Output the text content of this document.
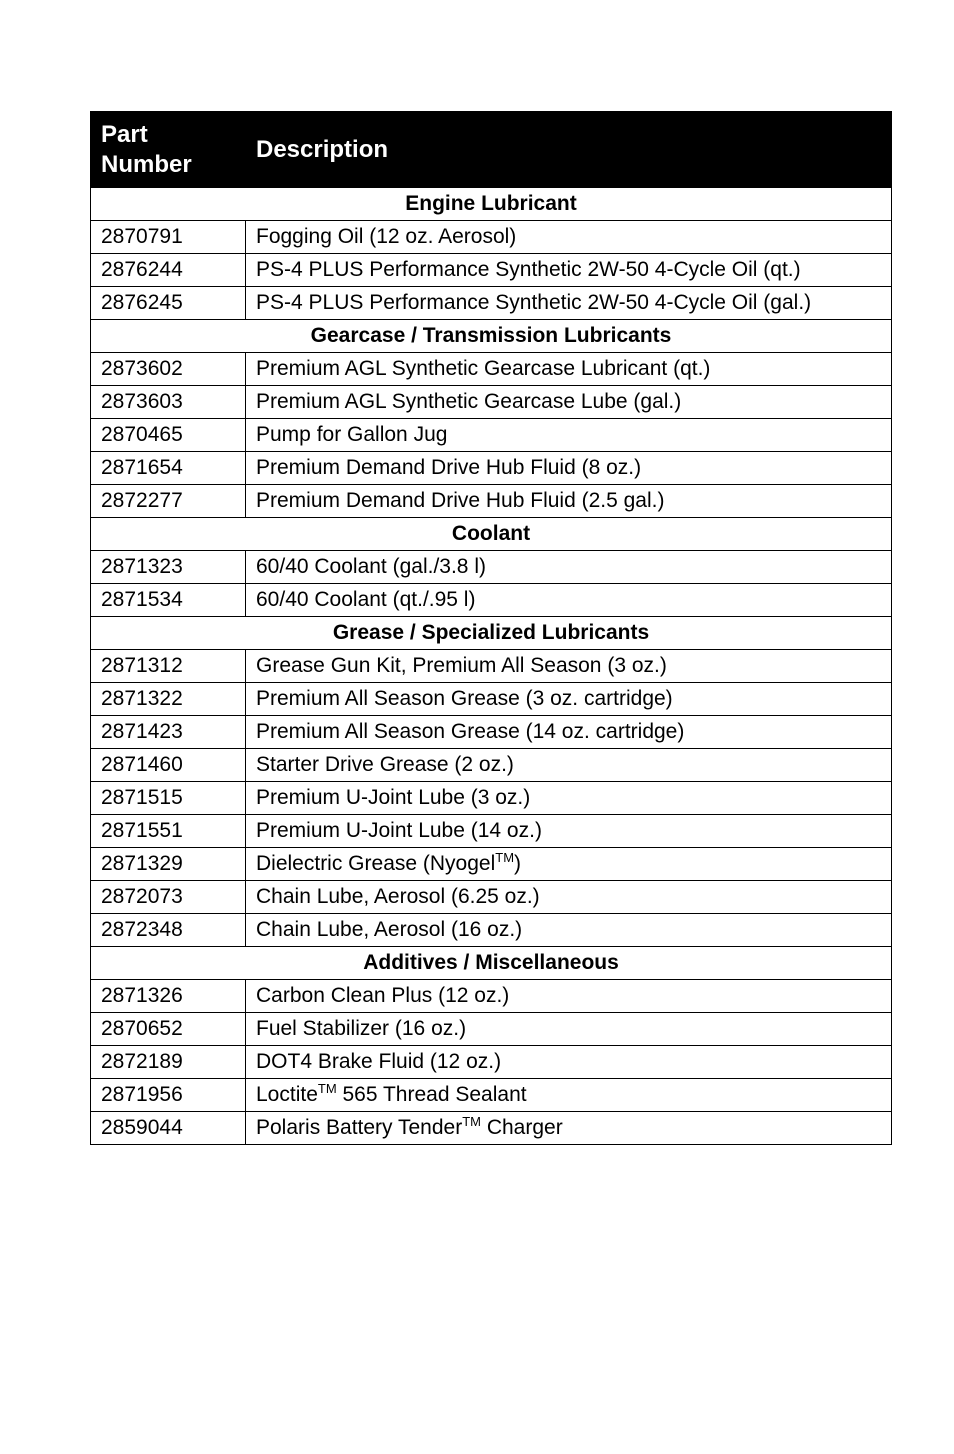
Part Number	Description
Engine Lubricant	
2870791	Fogging Oil (12 oz. Aerosol)
2876244	PS-4 PLUS Performance Synthetic 2W-50 4-Cycle Oil (qt.)
2876245	PS-4 PLUS Performance Synthetic 2W-50 4-Cycle Oil (gal.)
Gearcase / Transmission Lubricants	
2873602	Premium AGL Synthetic Gearcase Lubricant (qt.)
2873603	Premium AGL Synthetic Gearcase Lube (gal.)
2870465	Pump for Gallon Jug
2871654	Premium Demand Drive Hub Fluid (8 oz.)
2872277	Premium Demand Drive Hub Fluid (2.5 gal.)
Coolant	
2871323	60/40 Coolant (gal./3.8 l)
2871534	60/40 Coolant (qt./.95 l)
Grease / Specialized Lubricants	
2871312	Grease Gun Kit, Premium All Season (3 oz.)
2871322	Premium All Season Grease (3 oz. cartridge)
2871423	Premium All Season Grease (14 oz. cartridge)
2871460	Starter Drive Grease (2 oz.)
2871515	Premium U-Joint Lube (3 oz.)
2871551	Premium U-Joint Lube (14 oz.)
2871329	Dielectric Grease (Nyogel™)
2872073	Chain Lube, Aerosol (6.25 oz.)
2872348	Chain Lube, Aerosol (16 oz.)
Additives / Miscellaneous	
2871326	Carbon Clean Plus (12 oz.)
2870652	Fuel Stabilizer (16 oz.)
2872189	DOT4 Brake Fluid (12 oz.)
2871956	Loctite™ 565 Thread Sealant
2859044	Polaris Battery Tender™ Charger
